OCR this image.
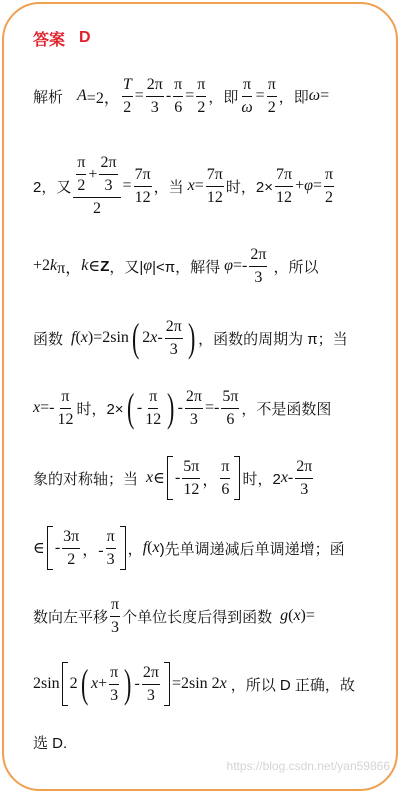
答案 D
解析 A =2， $\frac{T}{2} = \frac{2\pi}{3} - \frac{\pi}{6} = \frac{\pi}{2}$ ，即 $\frac{\pi}{\omega} = \frac{\pi}{2}$ ，即 ω =
2，又 $\frac{\frac{\pi}{2} + \frac{2\pi}{3}}{2} = \frac{7\pi}{12}$ ，当 $x = \frac{7\pi}{12}$ 时，$2\times \frac{7\pi}{12} + \varphi = \frac{\pi}{2}$
+2 k π， k ∈ Z ，又| φ |<π，解得 $\varphi =- \frac{2\pi}{3}$ ，所以
函数 f ( x )=2sin ( 2 x - $\frac{2\pi}{3}$ ) ，函数的周期为 π；当
$x =- \frac{\pi}{12}$ 时，2× ( - $\frac{\pi}{12}$ ) - $\frac{2\pi}{3} =- \frac{5\pi}{6}$ ，不是函数图
象的对称轴；当 x ∈ - $\frac{5\pi}{12}$ ， $\frac{\pi}{6}$ 时，2 x - $\frac{2\pi}{3}$
∈ - $\frac{3\pi}{2}$ ，- $\frac{\pi}{3}$ ， f ( x )先单调递减后单调递增；函
数向左平移 $\frac{\pi}{3}$ 个单位长度后得到函数 g ( x )=
2sin 2 ( $x + \frac{\pi}{3}$ ) - $\frac{2\pi}{3} =2\sin$ 2 x ，所以 D 正确，故
选 D.
https://blog.csdn.net/yan59866
